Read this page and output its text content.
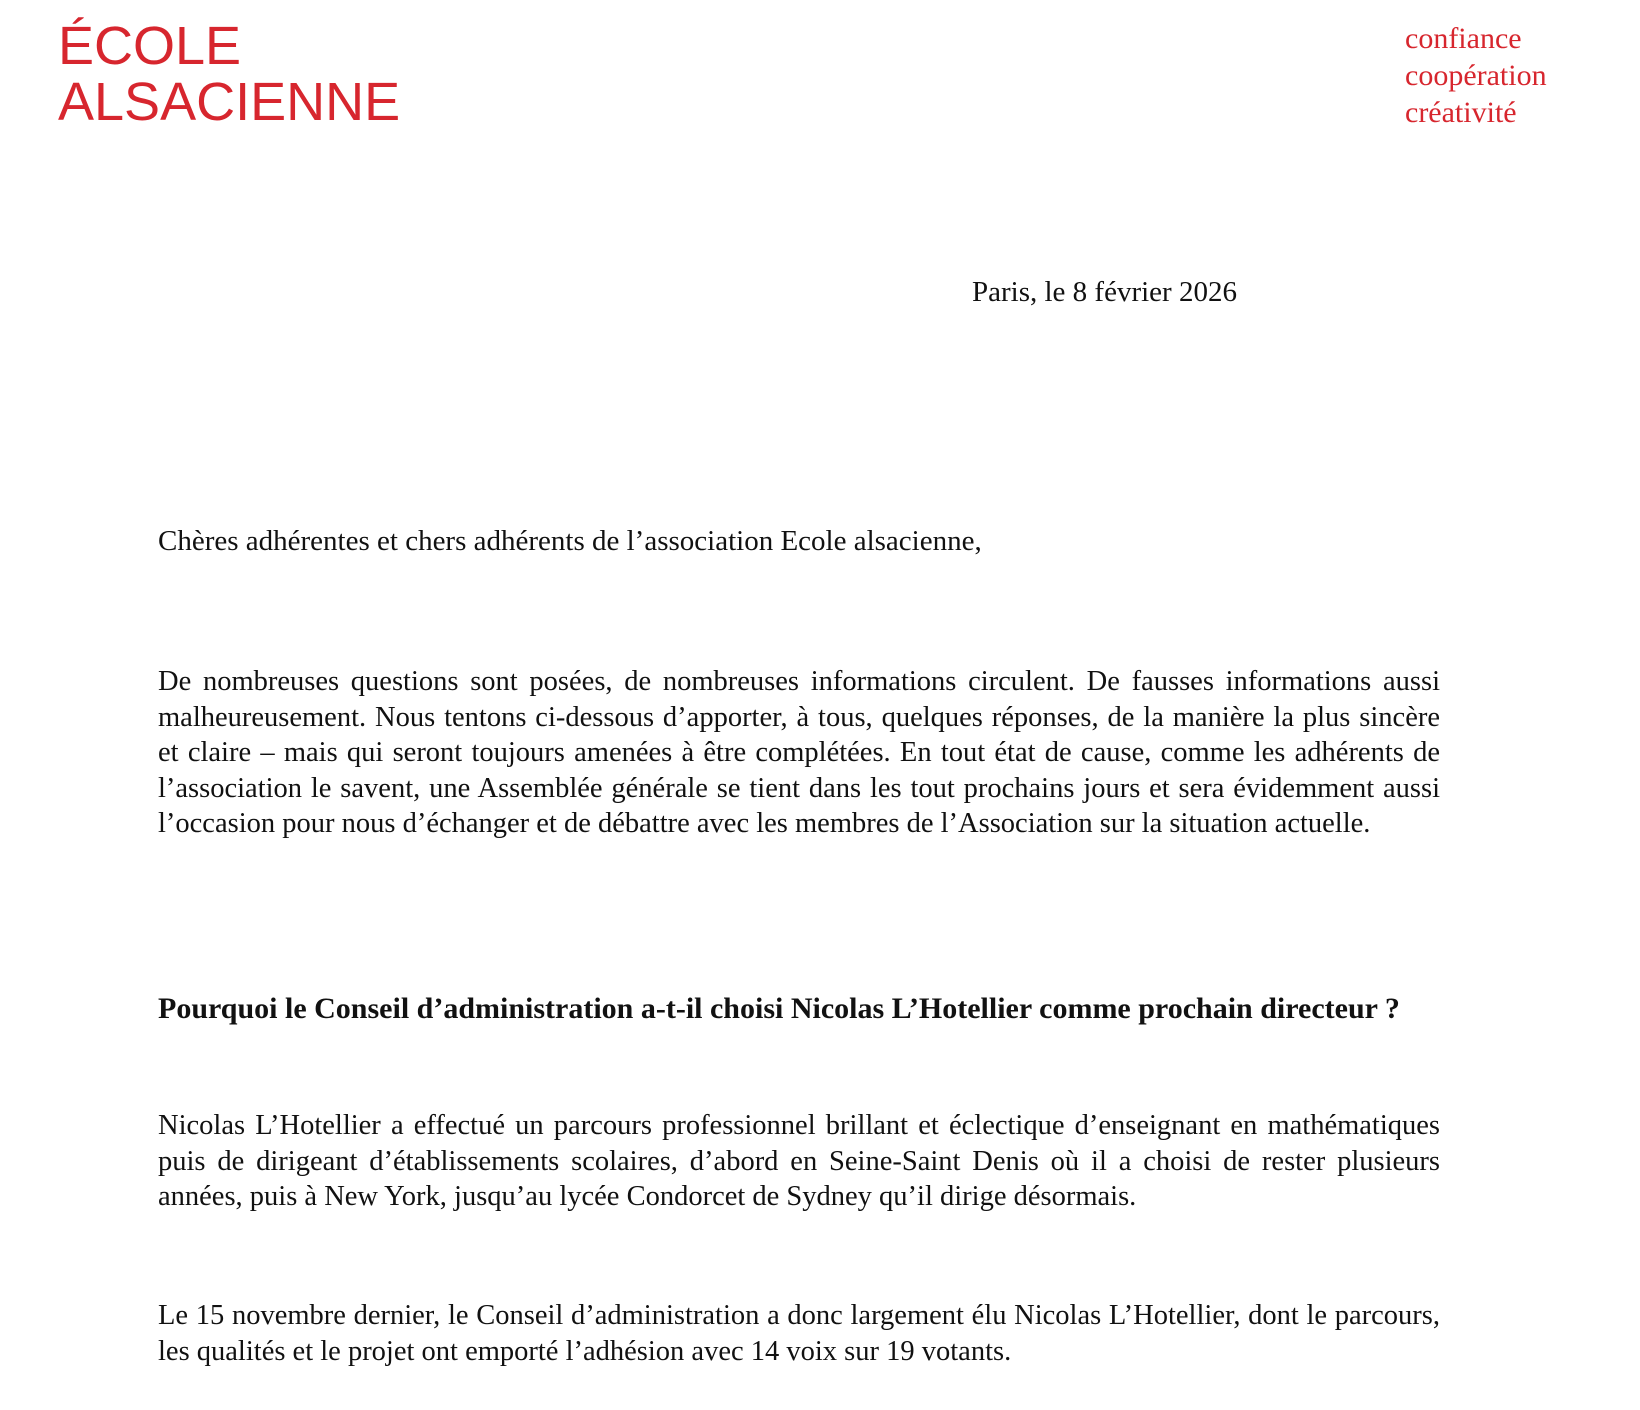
ÉCOLE
ALSACIENNE
confiance
coopération
créativité
Paris, le 8 février 2026
Chères adhérentes et chers adhérents de l’association Ecole alsacienne,

De nombreuses questions sont posées, de nombreuses informations circulent. De fausses informations aussi malheureusement. Nous tentons ci-dessous d’apporter, à tous, quelques réponses, de la manière la plus sincère et claire – mais qui seront toujours amenées à être complétées. En tout état de cause, comme les adhérents de l’association le savent, une Assemblée générale se tient dans les tout prochains jours et sera évidemment aussi l’occasion pour nous d’échanger et de débattre avec les membres de l’Association sur la situation actuelle.

Pourquoi le Conseil d’administration a-t-il choisi Nicolas L’Hotellier comme prochain directeur ?

Nicolas L’Hotellier a effectué un parcours professionnel brillant et éclectique d’enseignant en mathématiques puis de dirigeant d’établissements scolaires, d’abord en Seine-Saint Denis où il a choisi de rester plusieurs années, puis à New York, jusqu’au lycée Condorcet de Sydney qu’il dirige désormais.

Le 15 novembre dernier, le Conseil d’administration a donc largement élu Nicolas L’Hotellier, dont le parcours, les qualités et le projet ont emporté l’adhésion avec 14 voix sur 19 votants.
